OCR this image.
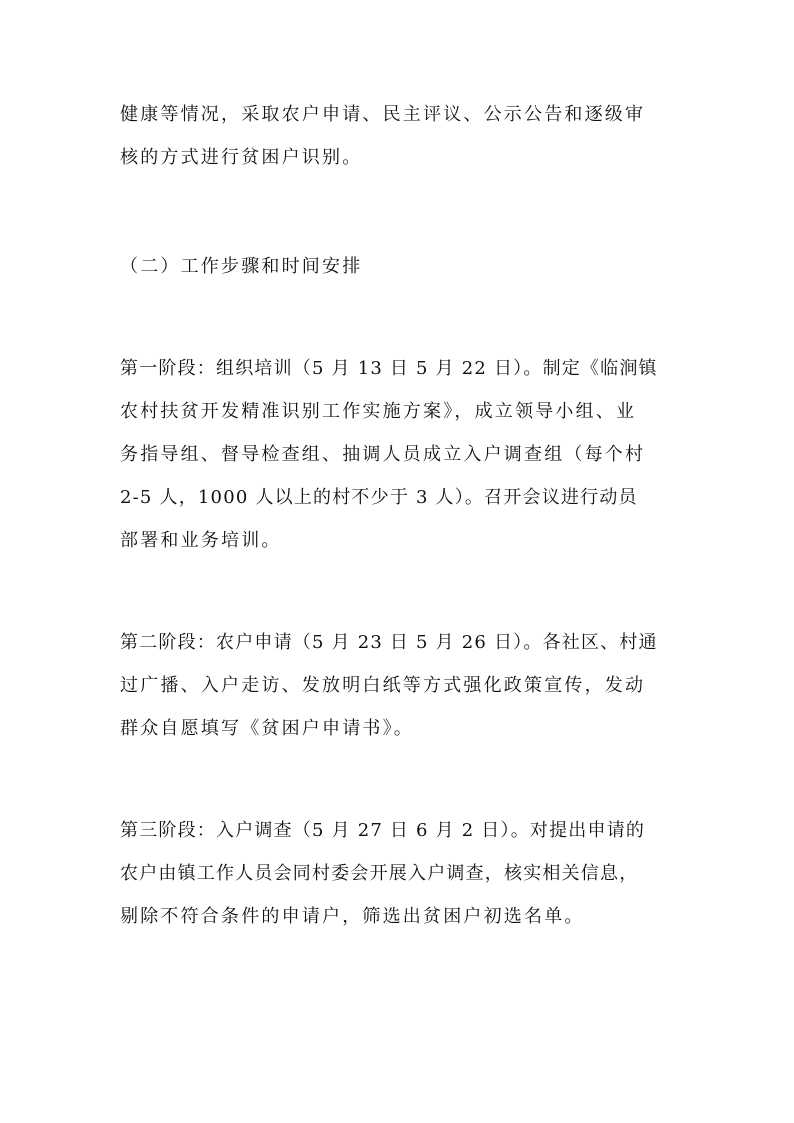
健康等情况，采取农户申请、民主评议、公示公告和逐级审
核的方式进行贫困户识别。
（二）工作步骤和时间安排
第一阶段：组织培训（5 月 13 日 5 月 22 日）。制定《临涧镇
农村扶贫开发精准识别工作实施方案》，成立领导小组、业
务指导组、督导检查组、抽调人员成立入户调查组（每个村
2-5 人，1000 人以上的村不少于 3 人）。召开会议进行动员
部署和业务培训。
第二阶段：农户申请（5 月 23 日 5 月 26 日）。各社区、村通
过广播、入户走访、发放明白纸等方式强化政策宣传，发动
群众自愿填写《贫困户申请书》。
第三阶段：入户调查（5 月 27 日 6 月 2 日）。对提出申请的
农户由镇工作人员会同村委会开展入户调查，核实相关信息，
剔除不符合条件的申请户，筛选出贫困户初选名单。
